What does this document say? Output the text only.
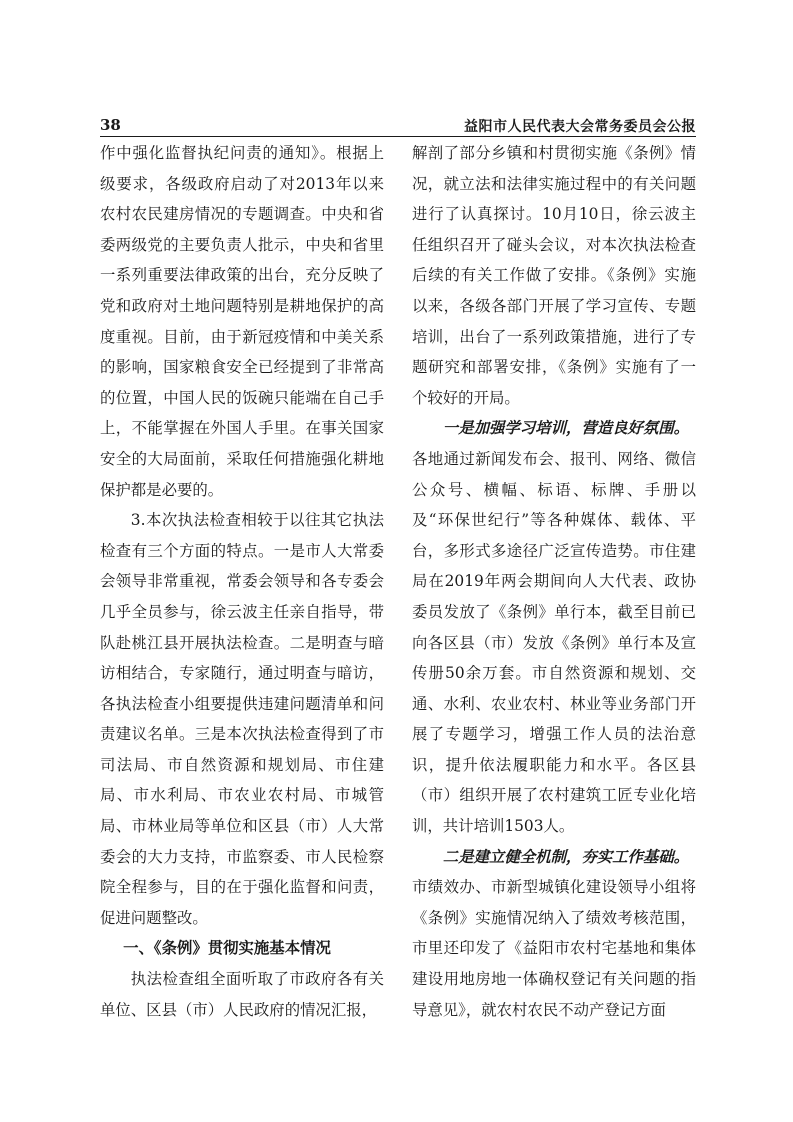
38	益阳市人民代表大会常务委员会公报

作中强化监督执纪问责的通知》。根据上级要求，各级政府启动了对2013年以来农村农民建房情况的专题调查。中央和省委两级党的主要负责人批示，中央和省里一系列重要法律政策的出台，充分反映了党和政府对土地问题特别是耕地保护的高度重视。目前，由于新冠疫情和中美关系的影响，国家粮食安全已经提到了非常高的位置，中国人民的饭碗只能端在自己手上，不能掌握在外国人手里。在事关国家安全的大局面前，采取任何措施强化耕地保护都是必要的。

3.本次执法检查相较于以往其它执法检查有三个方面的特点。一是市人大常委会领导非常重视，常委会领导和各专委会几乎全员参与，徐云波主任亲自指导，带队赴桃江县开展执法检查。二是明查与暗访相结合，专家随行，通过明查与暗访，各执法检查小组要提供违建问题清单和问责建议名单。三是本次执法检查得到了市司法局、市自然资源和规划局、市住建局、市水利局、市农业农村局、市城管局、市林业局等单位和区县（市）人大常委会的大力支持，市监察委、市人民检察院全程参与，目的在于强化监督和问责，促进问题整改。

一、《条例》贯彻实施基本情况

执法检查组全面听取了市政府各有关单位、区县（市）人民政府的情况汇报，

解剖了部分乡镇和村贯彻实施《条例》情况，就立法和法律实施过程中的有关问题进行了认真探讨。10月10日，徐云波主任组织召开了碰头会议，对本次执法检查后续的有关工作做了安排。《条例》实施以来，各级各部门开展了学习宣传、专题培训，出台了一系列政策措施，进行了专题研究和部署安排，《条例》实施有了一个较好的开局。

一是加强学习培训，营造良好氛围。

各地通过新闻发布会、报刊、网络、微信公众号、横幅、标语、标牌、手册以及“环保世纪行”等各种媒体、载体、平台，多形式多途径广泛宣传造势。市住建局在2019年两会期间向人大代表、政协委员发放了《条例》单行本，截至目前已向各区县（市）发放《条例》单行本及宣传册50余万套。市自然资源和规划、交通、水利、农业农村、林业等业务部门开展了专题学习，增强工作人员的法治意识，提升依法履职能力和水平。各区县（市）组织开展了农村建筑工匠专业化培训，共计培训1503人。

二是建立健全机制，夯实工作基础。

市绩效办、市新型城镇化建设领导小组将《条例》实施情况纳入了绩效考核范围，市里还印发了《益阳市农村宅基地和集体建设用地房地一体确权登记有关问题的指导意见》，就农村农民不动产登记方面
